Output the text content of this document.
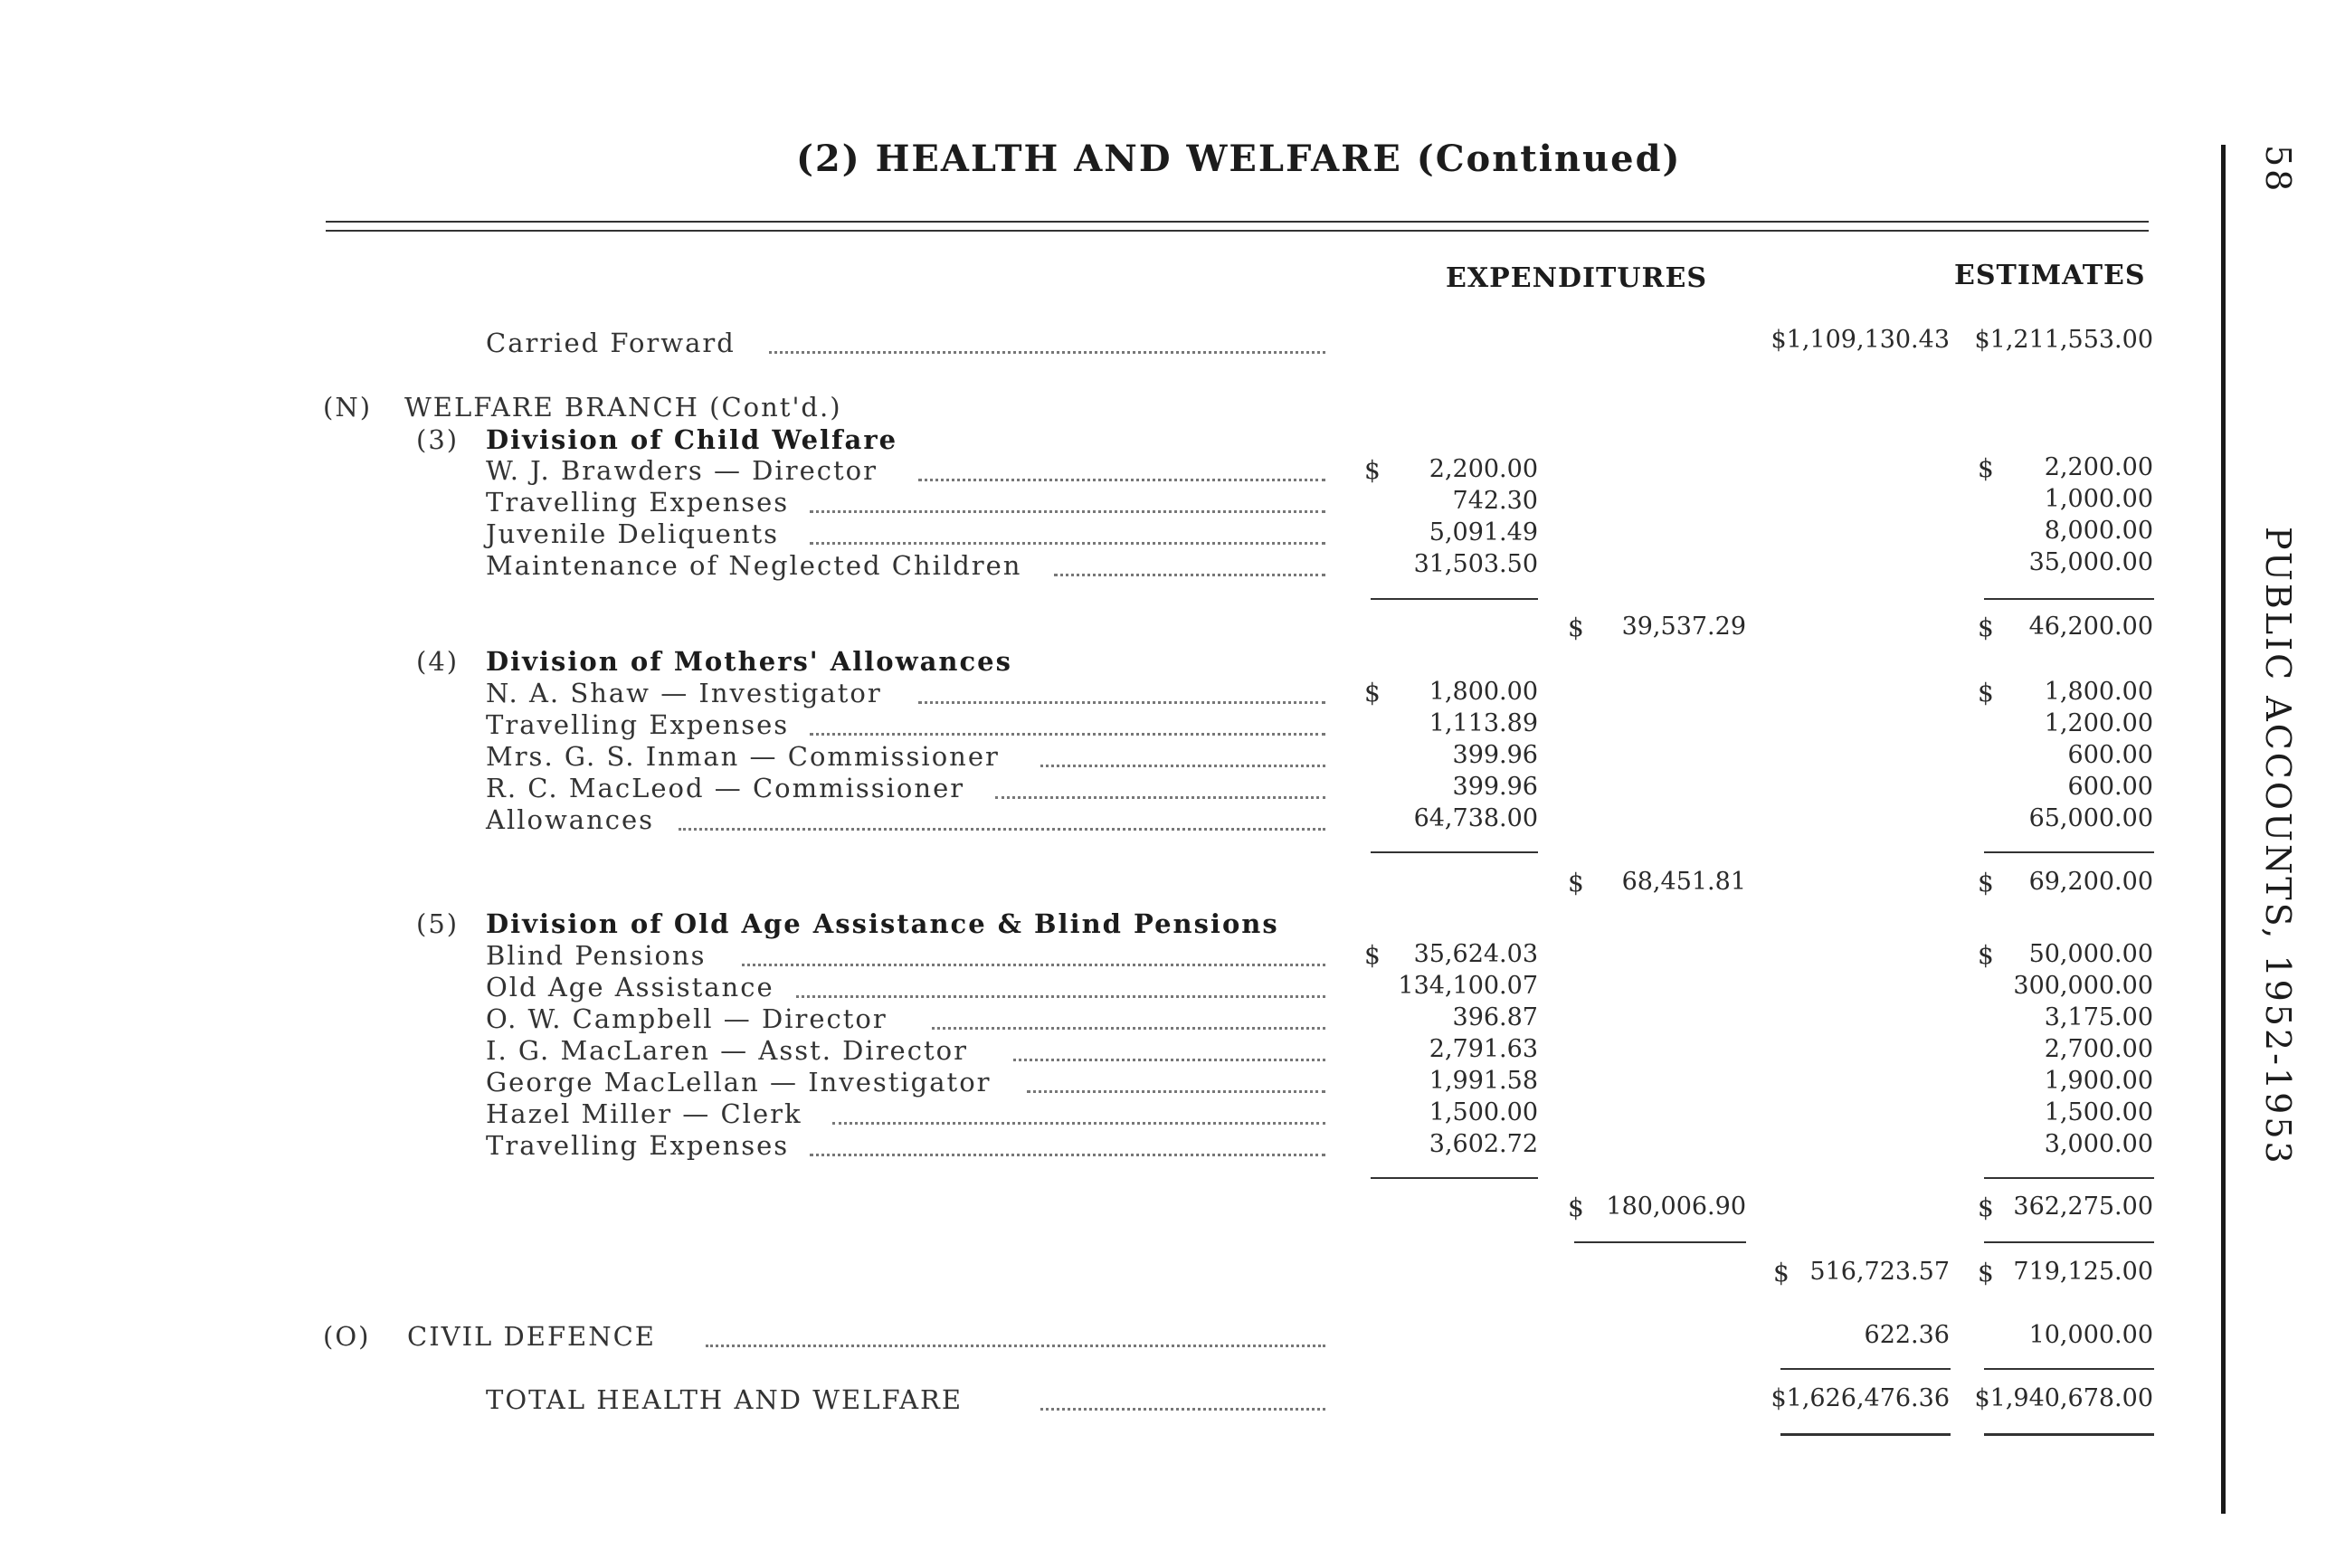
(2) HEALTH AND WELFARE (Continued)	58
PUBLIC ACCOUNTS, 1952-1953
EXPENDITURES	ESTIMATES
Carried Forward	$1,109,130.43	$1,211,553.00
(N) WELFARE BRANCH (Cont'd.)
(3) Division of Child Welfare
W. J. Brawders — Director	$	2,200.00	$	2,200.00
Travelling Expenses	742.30	1,000.00
Juvenile Deliquents	5,091.49	8,000.00
Maintenance of Neglected Children	31,503.50	35,000.00
$	39,537.29	$	46,200.00
(4) Division of Mothers' Allowances
N. A. Shaw — Investigator	$	1,800.00	$	1,800.00
Travelling Expenses	1,113.89	1,200.00
Mrs. G. S. Inman — Commissioner	399.96	600.00
R. C. MacLeod — Commissioner	399.96	600.00
Allowances	64,738.00	65,000.00
$	68,451.81	$	69,200.00
(5) Division of Old Age Assistance & Blind Pensions
Blind Pensions	$	35,624.03	$	50,000.00
Old Age Assistance	134,100.07	300,000.00
O. W. Campbell — Director	396.87	3,175.00
I. G. MacLaren — Asst. Director	2,791.63	2,700.00
George MacLellan — Investigator	1,991.58	1,900.00
Hazel Miller — Clerk	1,500.00	1,500.00
Travelling Expenses	3,602.72	3,000.00
$ 180,006.90	$ 362,275.00
$ 516,723.57 $ 719,125.00
(O) CIVIL DEFENCE	622.36	10,000.00
TOTAL HEALTH AND WELFARE	$1,626,476.36	$1,940,678.00
